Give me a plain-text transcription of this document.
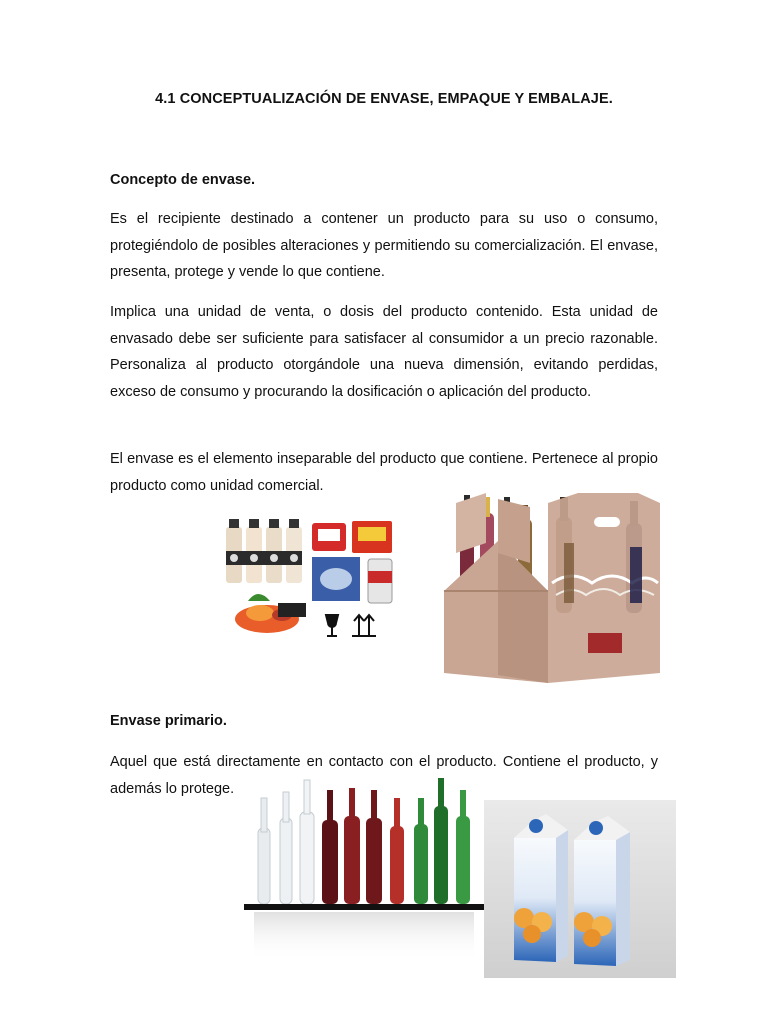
4.1 CONCEPTUALIZACIÓN DE ENVASE, EMPAQUE Y EMBALAJE.
Concepto de envase.
Es el recipiente destinado a contener un producto para su uso o consumo, protegiéndolo de posibles alteraciones y permitiendo su comercialización. El envase, presenta, protege y vende lo que contiene.
Implica una unidad de venta, o dosis del producto contenido. Esta unidad de envasado debe ser suficiente para satisfacer al consumidor a un precio razonable. Personaliza al producto otorgándole una nueva dimensión, evitando perdidas, exceso de consumo y procurando la dosificación o aplicación del producto.
El envase es el elemento inseparable del producto que contiene. Pertenece al propio producto como unidad comercial.
Envase primario.
Aquel que está directamente en contacto con el producto. Contiene el producto, y además lo protege.
